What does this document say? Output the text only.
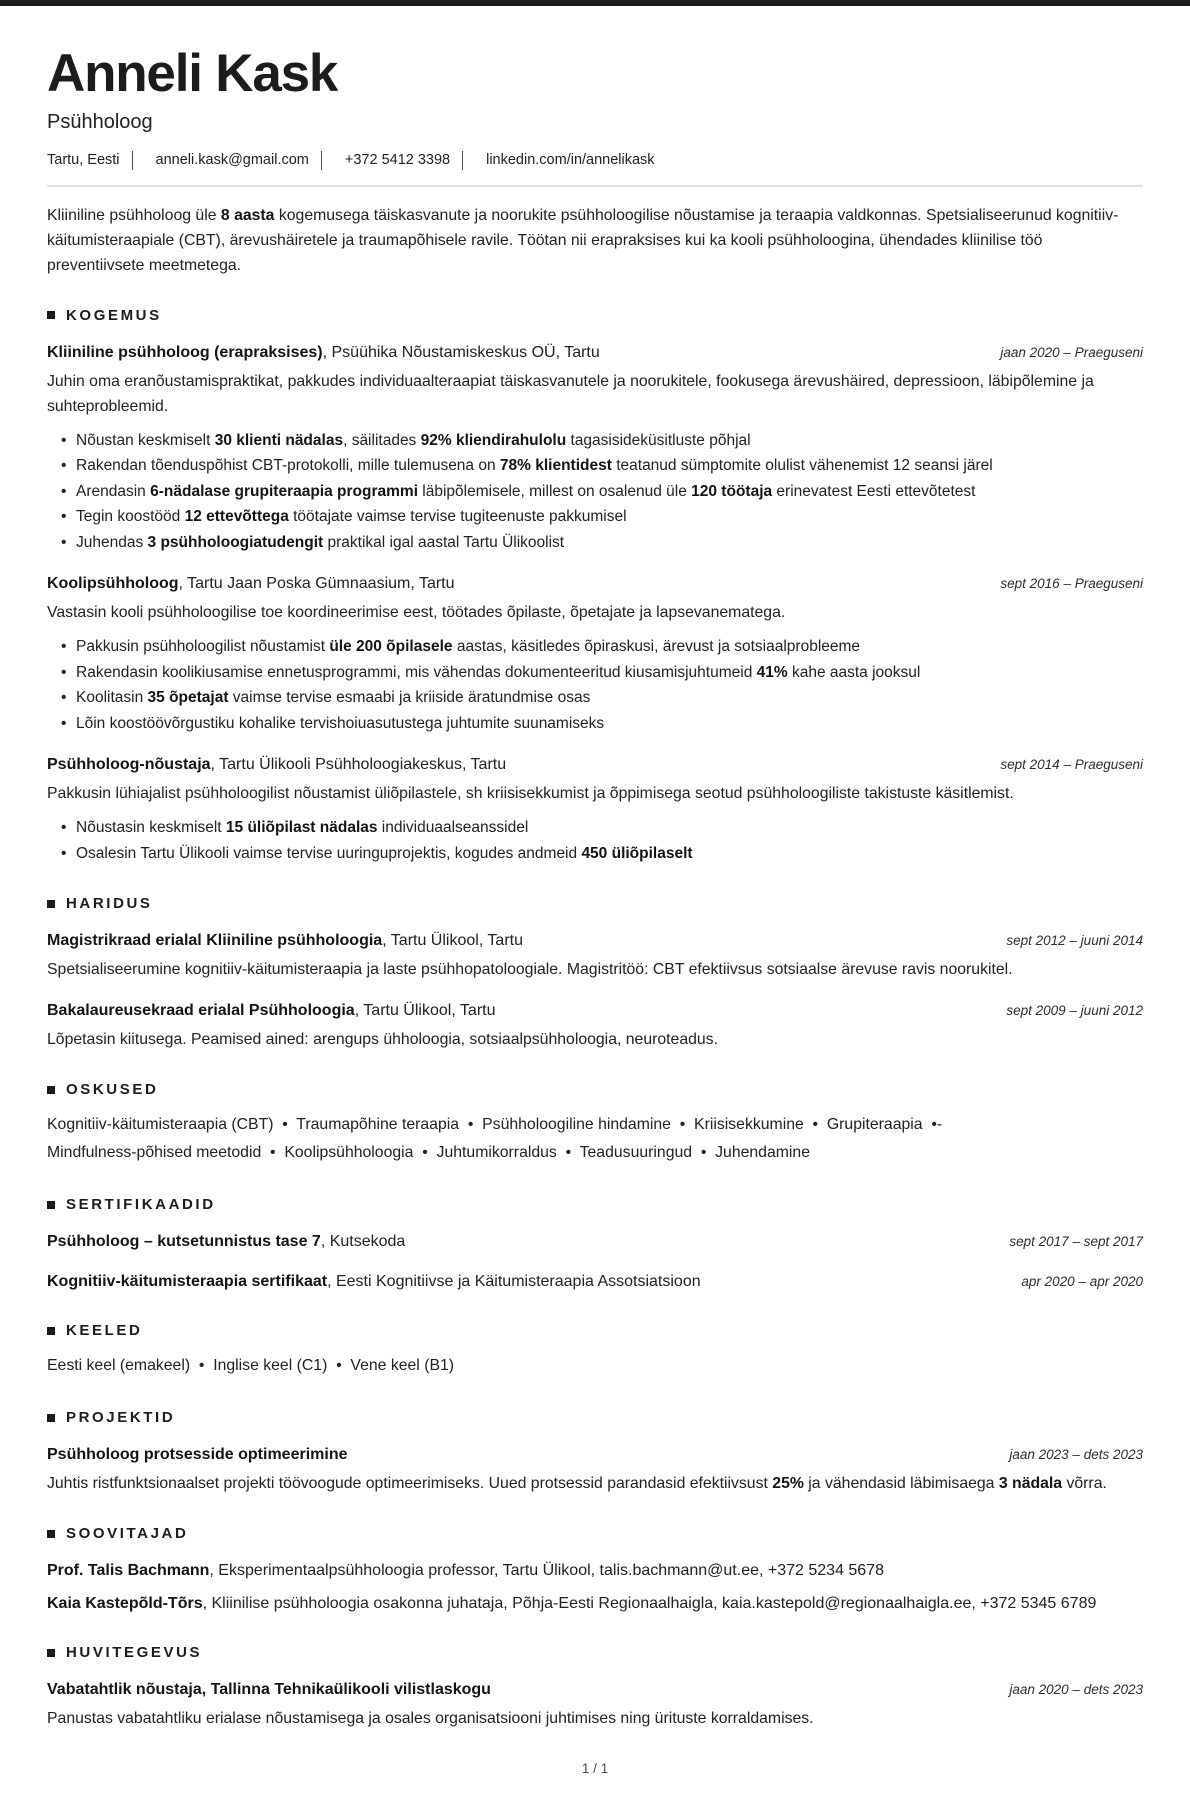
Anneli Kask
Psühholoog
Tartu, Eesti anneli.kask@gmail.com +372 5412 3398 linkedin.com/in/annelikask

Kliiniline psühholoog üle 8 aasta kogemusega täiskasvanute ja noorukite psühholoogilise nõustamise ja teraapia valdkonnas. Spetsialiseerunud kognitiiv-käitumisteraapiale (CBT), ärevushäiretele ja traumapõhisele ravile. Töötan nii erapraksises kui ka kooli psühholoogina, ühendades kliinilise töö preventiivsete meetmetega.

KOGEMUS
Kliiniline psühholoog (erapraksises), Psüühika Nõustamiskeskus OÜ, Tartu	jaan 2020 – Praeguseni

Juhin oma eranõustamispraktikat, pakkudes individuaalteraapiat täiskasvanutele ja noorukitele, fookusega ärevushäired, depressioon, läbipõlemine ja suhteprobleemid.

• Nõustan keskmiselt 30 klienti nädalas, säilitades 92% kliendirahulolu tagasisideküsitluste põhjal
• Rakendan tõenduspõhist CBT-protokolli, mille tulemusena on 78% klientidest teatanud sümptomite olulist vähenemist 12 seansi järel
• Arendasin 6-nädalase grupiteraapia programmi läbipõlemisele, millest on osalenud üle 120 töötaja erinevatest Eesti ettevõtetest
• Tegin koostööd 12 ettevõttega töötajate vaimse tervise tugiteenuste pakkumisel
• Juhendas 3 psühholoogiatudengit praktikal igal aastal Tartu Ülikoolist
Koolipsühholoog, Tartu Jaan Poska Gümnaasium, Tartu	sept 2016 – Praeguseni

Vastasin kooli psühholoogilise toe koordineerimise eest, töötades õpilaste, õpetajate ja lapsevanematega.

• Pakkusin psühholoogilist nõustamist üle 200 õpilasele aastas, käsitledes õpiraskusi, ärevust ja sotsiaalprobleeme
• Rakendasin koolikiusamise ennetusprogrammi, mis vähendas dokumenteeritud kiusamisjuhtumeid 41% kahe aasta jooksul
• Koolitasin 35 õpetajat vaimse tervise esmaabi ja kriiside äratundmise osas
• Lõin koostöövõrgustiku kohalike tervishoiuasutustega juhtumite suunamiseks
Psühholoog-nõustaja, Tartu Ülikooli Psühholoogiakeskus, Tartu	sept 2014 – Praeguseni

Pakkusin lühiajalist psühholoogilist nõustamist üliõpilastele, sh kriisisekkumist ja õppimisega seotud psühholoogiliste takistuste käsitlemist.

• Nõustasin keskmiselt 15 üliõpilast nädalas individuaalseanssidel
• Osalesin Tartu Ülikooli vaimse tervise uuringuprojektis, kogudes andmeid 450 üliõpilaselt
HARIDUS
Magistrikraad erialal Kliiniline psühholoogia, Tartu Ülikool, Tartu	sept 2012 – juuni 2014

Spetsialiseerumine kognitiiv-käitumisteraapia ja laste psühhopatoloogiale. Magistritöö: CBT efektiivsus sotsiaalse ärevuse ravis noorukitel.

Bakalaureusekraad erialal Psühholoogia, Tartu Ülikool, Tartu	sept 2009 – juuni 2012

Lõpetasin kiitusega. Peamised ained: arengups ühholoogia, sotsiaalpsühholoogia, neuroteadus.

OSKUSED
Kognitiiv-käitumisteraapia (CBT)  •  Traumapõhine teraapia  •  Psühholoogiline hindamine  •  Kriisisekkumine  •  Grupiteraapia  •-
Mindfulness-põhised meetodid  •  Koolipsühholoogia  •  Juhtumikorraldus  •  Teadusuuringud  •  Juhendamine
SERTIFIKAADID
Psühholoog – kutsetunnistus tase 7, Kutsekoda	sept 2017 – sept 2017
Kognitiiv-käitumisteraapia sertifikaat, Eesti Kognitiivse ja Käitumisteraapia Assotsiatsioon	apr 2020 – apr 2020
KEELED
Eesti keel (emakeel)  •  Inglise keel (C1)  •  Vene keel (B1)
PROJEKTID
Psühholoog protsesside optimeerimine	jaan 2023 – dets 2023

Juhtis ristfunktsionaalset projekti töövoogude optimeerimiseks. Uued protsessid parandasid efektiivsust 25% ja vähendasid läbimisaega 3 nädala võrra.

SOOVITAJAD
Prof. Talis Bachmann, Eksperimentaalpsühholoogia professor, Tartu Ülikool, talis.bachmann@ut.ee, +372 5234 5678
Kaia Kastepõld-Tõrs, Kliinilise psühholoogia osakonna juhataja, Põhja-Eesti Regionaalhaigla, kaia.kastepold@regionaalhaigla.ee, +372 5345 6789
HUVITEGEVUS
Vabatahtlik nõustaja, Tallinna Tehnikaülikooli vilistlaskogu	jaan 2020 – dets 2023

Panustas vabatahtliku erialase nõustamisega ja osales organisatsiooni juhtimises ning ürituste korraldamises.

1 / 1
